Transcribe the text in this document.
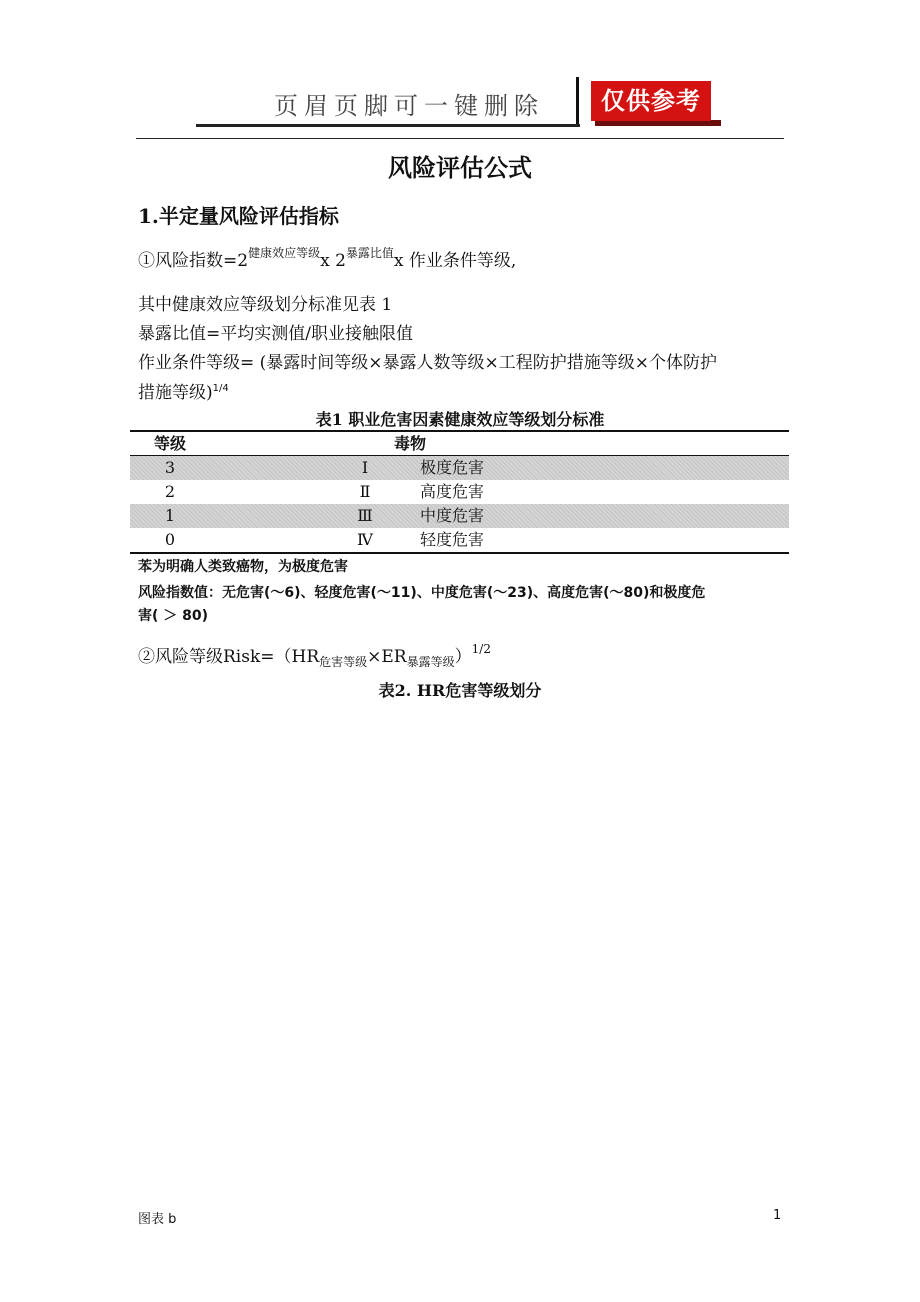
页眉页脚可一键删除	仅供参考
风险评估公式
1.半定量风险评估指标
①风险指数$=2^{健康效应等级}x$ $2^{暴露比值}x$ 作业条件等级,
其中健康效应等级划分标准见表 1
暴露比值=平均实测值/职业接触限值
作业条件等级= (暴露时间等级×暴露人数等级×工程防护措施等级×个体防护
措施等级)$^{1/4}$
表1 职业危害因素健康效应等级划分标准
等级	毒物
3	Ⅰ	极度危害
2	Ⅱ	高度危害
1	Ⅲ	中度危害
0	Ⅳ	轻度危害
苯为明确人类致癌物，为极度危害
风险指数值：无危害(～6)、轻度危害(～11)、中度危害(～23)、高度危害(～80)和极度危
害( ＞ 80)
②风险等级$Risk=(HR_{危害等级}\times ER_{暴露等级})^{1/2}$
表2. HR危害等级划分
图表 b	1
